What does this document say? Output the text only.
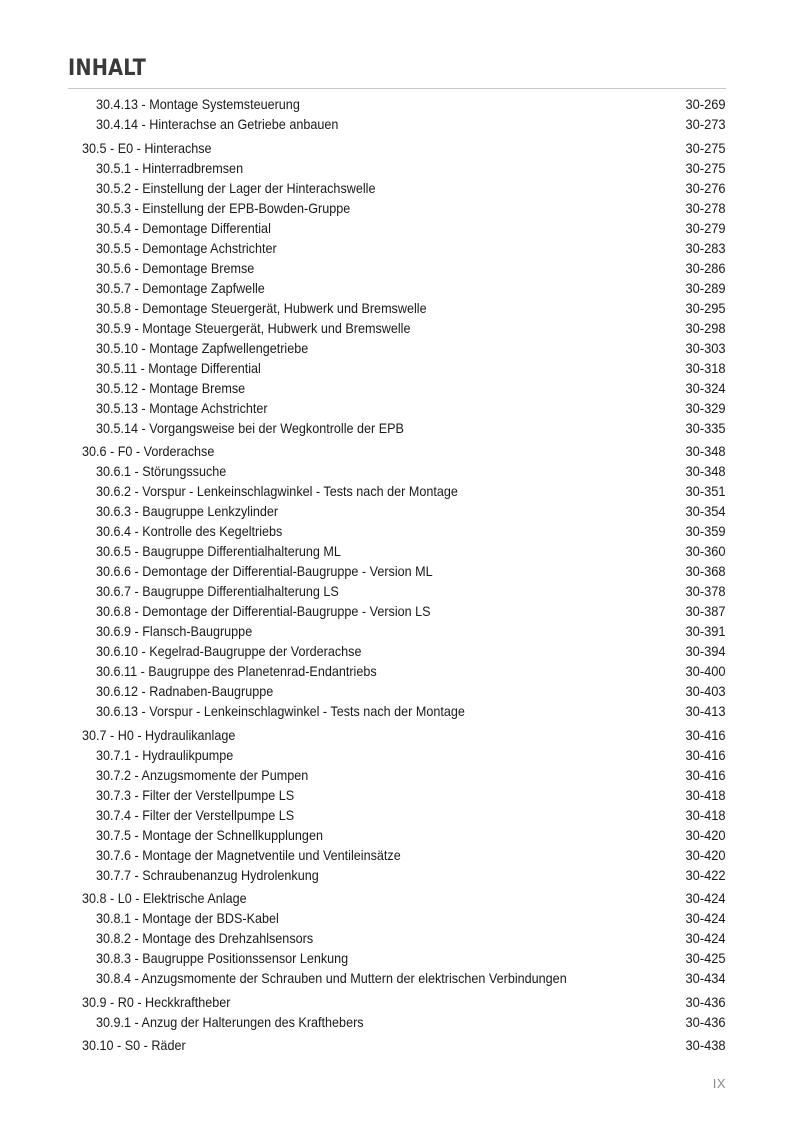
INHALT
30.4.13 - Montage Systemsteuerung	30-269
30.4.14 - Hinterachse an Getriebe anbauen	30-273
30.5 - E0 - Hinterachse	30-275
30.5.1 - Hinterradbremsen	30-275
30.5.2 - Einstellung der Lager der Hinterachswelle	30-276
30.5.3 - Einstellung der EPB-Bowden-Gruppe	30-278
30.5.4 - Demontage Differential	30-279
30.5.5 - Demontage Achstrichter	30-283
30.5.6 - Demontage Bremse	30-286
30.5.7 - Demontage Zapfwelle	30-289
30.5.8 - Demontage Steuergerät, Hubwerk und Bremswelle	30-295
30.5.9 - Montage Steuergerät, Hubwerk und Bremswelle	30-298
30.5.10 - Montage Zapfwellengetriebe	30-303
30.5.11 - Montage Differential	30-318
30.5.12 - Montage Bremse	30-324
30.5.13 - Montage Achstrichter	30-329
30.5.14 - Vorgangsweise bei der Wegkontrolle der EPB	30-335
30.6 - F0 - Vorderachse	30-348
30.6.1 - Störungssuche	30-348
30.6.2 - Vorspur - Lenkeinschlagwinkel - Tests nach der Montage	30-351
30.6.3 - Baugruppe Lenkzylinder	30-354
30.6.4 - Kontrolle des Kegeltriebs	30-359
30.6.5 - Baugruppe Differentialhalterung ML	30-360
30.6.6 - Demontage der Differential-Baugruppe - Version ML	30-368
30.6.7 - Baugruppe Differentialhalterung LS	30-378
30.6.8 - Demontage der Differential-Baugruppe - Version LS	30-387
30.6.9 - Flansch-Baugruppe	30-391
30.6.10 - Kegelrad-Baugruppe der Vorderachse	30-394
30.6.11 - Baugruppe des Planetenrad-Endantriebs	30-400
30.6.12 - Radnaben-Baugruppe	30-403
30.6.13 - Vorspur - Lenkeinschlagwinkel - Tests nach der Montage	30-413
30.7 - H0 - Hydraulikanlage	30-416
30.7.1 - Hydraulikpumpe	30-416
30.7.2 - Anzugsmomente der Pumpen	30-416
30.7.3 - Filter der Verstellpumpe LS	30-418
30.7.4 - Filter der Verstellpumpe LS	30-418
30.7.5 - Montage der Schnellkupplungen	30-420
30.7.6 - Montage der Magnetventile und Ventileinsätze	30-420
30.7.7 - Schraubenanzug Hydrolenkung	30-422
30.8 - L0 - Elektrische Anlage	30-424
30.8.1 - Montage der BDS-Kabel	30-424
30.8.2 - Montage des Drehzahlsensors	30-424
30.8.3 - Baugruppe Positionssensor Lenkung	30-425
30.8.4 - Anzugsmomente der Schrauben und Muttern der elektrischen Verbindungen	30-434
30.9 - R0 - Heckkraftheber	30-436
30.9.1 - Anzug der Halterungen des Krafthebers	30-436
30.10 - S0 - Räder	30-438
IX
